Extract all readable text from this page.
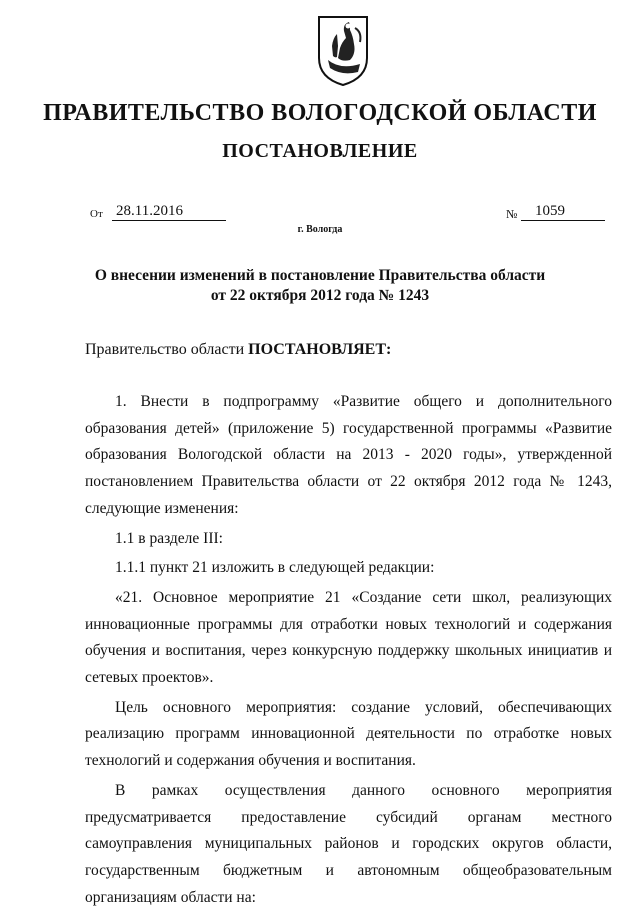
ПРАВИТЕЛЬСТВО ВОЛОГОДСКОЙ ОБЛАСТИ
ПОСТАНОВЛЕНИЕ
От 28.11.2016	№	1059
г. Вологда
О внесении изменений в постановление Правительства области
от 22 октября 2012 года № 1243
Правительство области ПОСТАНОВЛЯЕТ:

1. Внести в подпрограмму «Развитие общего и дополнительного образования детей» (приложение 5) государственной программы «Развитие образования Вологодской области на 2013 - 2020 годы», утвержденной постановлением Правительства области от 22 октября 2012 года № 1243, следующие изменения:

1.1 в разделе III:

1.1.1 пункт 21 изложить в следующей редакции:

«21. Основное мероприятие 21 «Создание сети школ, реализующих инновационные программы для отработки новых технологий и содержания обучения и воспитания, через конкурсную поддержку школьных инициатив и сетевых проектов».

Цель основного мероприятия: создание условий, обеспечивающих реализацию программ инновационной деятельности по отработке новых технологий и содержания обучения и воспитания.

В рамках осуществления данного основного мероприятия предусматривается предоставление субсидий органам местного самоуправления муниципальных районов и городских округов области, государственным бюджетным и автономным общеобразовательным организациям области на:
